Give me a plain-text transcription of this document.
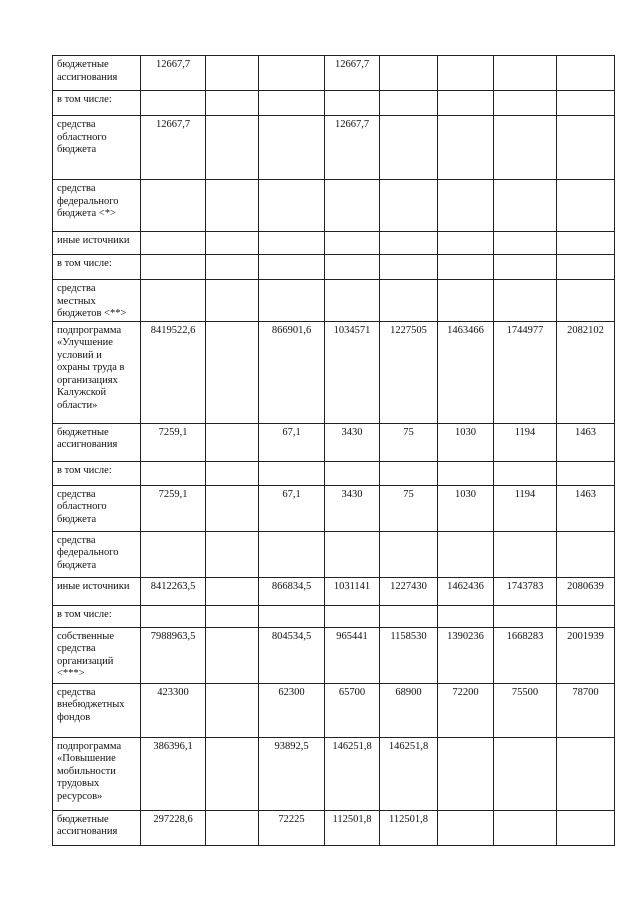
бюджетные ассигнования	12667,7			12667,7				
в том числе:								
средства областного бюджета	12667,7			12667,7				
средства федерального бюджета <*>								
иные источники								
в том числе:								
средства местных бюджетов <**>								
подпрограмма «Улучшение условий и охраны труда в организациях Калужской области»	8419522,6		866901,6	1034571	1227505	1463466	1744977	2082102
бюджетные ассигнования	7259,1		67,1	3430	75	1030	1194	1463
в том числе:								
средства областного бюджета	7259,1		67,1	3430	75	1030	1194	1463
средства федерального бюджета								
иные источники	8412263,5		866834,5	1031141	1227430	1462436	1743783	2080639
в том числе:								
собственные средства организаций <***>	7988963,5		804534,5	965441	1158530	1390236	1668283	2001939
средства внебюджетных фондов	423300		62300	65700	68900	72200	75500	78700
подпрограмма «Повышение мобильности трудовых ресурсов»	386396,1		93892,5	146251,8	146251,8			
бюджетные ассигнования	297228,6		72225	112501,8	112501,8			
